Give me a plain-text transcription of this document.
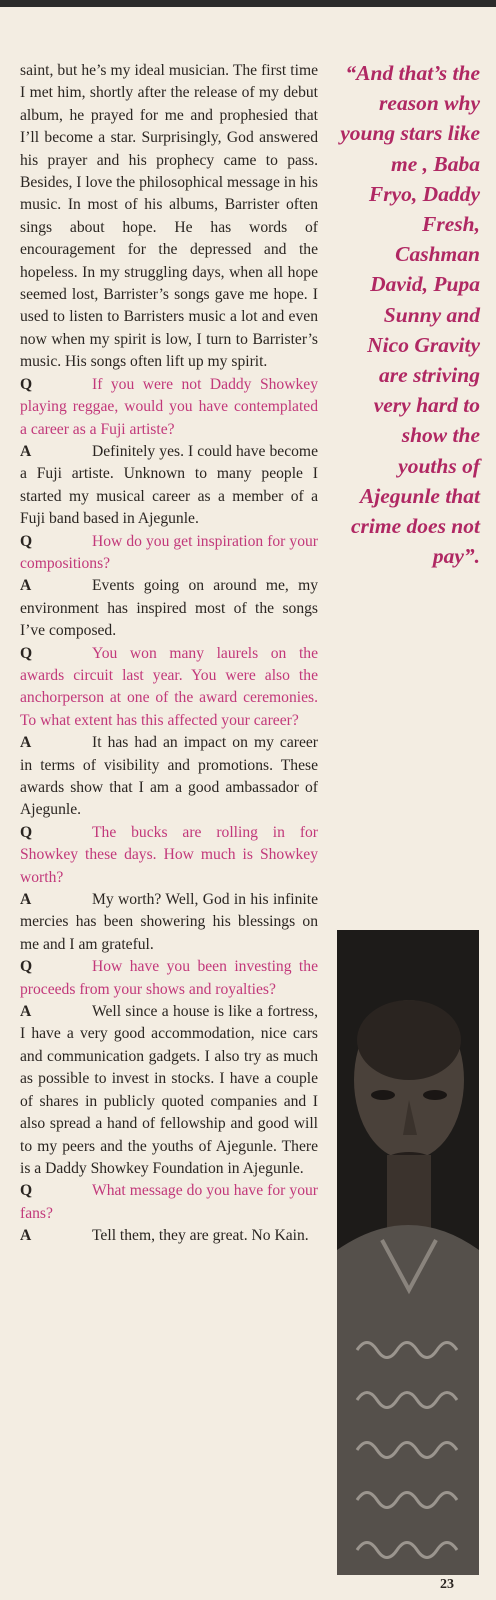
saint, but he’s my ideal musician. The first time I met him, shortly after the release of my debut album, he prayed for me and prophesied that I’ll become a star. Surprisingly, God answered his prayer and his prophecy came to pass. Besides, I love the philosophical message in his music. In most of his albums, Barrister often sings about hope. He has words of encouragement for the depressed and the hopeless. In my struggling days, when all hope seemed lost, Barrister’s songs gave me hope. I used to listen to Barristers music a lot and even now when my spirit is low, I turn to Barrister’s music. His songs often lift up my spirit.

Q	If you were not Daddy Showkey playing reggae, would you have contemplated a career as a Fuji artiste?

A	Definitely yes. I could have become a Fuji artiste. Unknown to many people I started my musical career as a member of a Fuji band based in Ajegunle.

Q	How do you get inspiration for your compositions?

A	Events going on around me, my environment has inspired most of the songs I’ve composed.

Q	You won many laurels on the awards circuit last year. You were also the anchorperson at one of the award ceremonies. To what extent has this affected your career?

A	It has had an impact on my career in terms of visibility and promotions. These awards show that I am a good ambassador of Ajegunle.

Q	The bucks are rolling in for Showkey these days. How much is Showkey worth?

A	My worth? Well, God in his infinite mercies has been showering his blessings on me and I am grateful.

Q	How have you been investing the proceeds from your shows and royalties?

A	Well since a house is like a fortress, I have a very good accommodation, nice cars and communication gadgets. I also try as much as possible to invest in stocks. I have a couple of shares in publicly quoted companies and I also spread a hand of fellowship and good will to my peers and the youths of Ajegunle. There is a Daddy Showkey Foundation in Ajegunle.

Q	What message do you have for your fans?

A	Tell them, they are great. No Kain.

“And that’s the reason why young stars like me , Baba Fryo, Daddy Fresh, Cashman David, Pupa Sunny and Nico Gravity are striving very hard to show the youths of Ajegunle that crime does not pay”.
23
